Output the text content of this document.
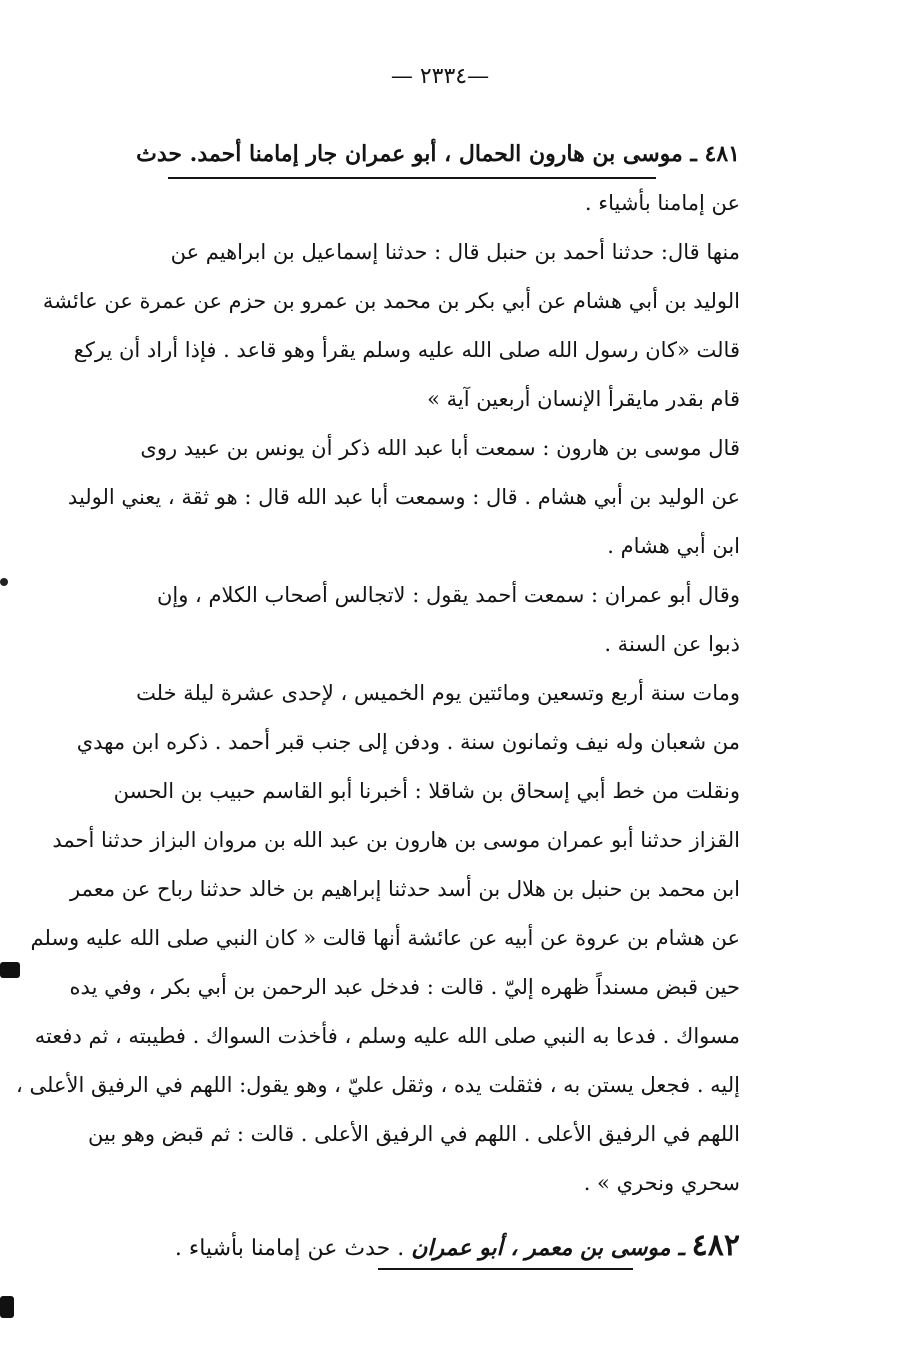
—٢٣٣٤ —
٤٨١ ـ موسى بن هارون الحمال ، أبو عمران جار إمامنا أحمد. حدث
عن إمامنا بأشياء .
منها قال: حدثنا أحمد بن حنبل قال : حدثنا إسماعيل بن ابراهيم عن
الوليد بن أبي هشام عن أبي بكر بن محمد بن عمرو بن حزم عن عمرة عن عائشة
قالت «كان رسول الله صلى الله عليه وسلم يقرأ وهو قاعد . فإذا أراد أن يركع
قام بقدر مايقرأ الإنسان أربعين آية »
قال موسى بن هارون : سمعت أبا عبد الله ذكر أن يونس بن عبيد روى
عن الوليد بن أبي هشام . قال : وسمعت أبا عبد الله قال : هو ثقة ، يعني الوليد
ابن أبي هشام .
وقال أبو عمران : سمعت أحمد يقول : لاتجالس أصحاب الكلام ، وإن
ذبوا عن السنة .
ومات سنة أربع وتسعين ومائتين يوم الخميس ، لإحدى عشرة ليلة خلت
من شعبان وله نيف وثمانون سنة . ودفن إلى جنب قبر أحمد . ذكره ابن مهدي
ونقلت من خط أبي إسحاق بن شاقلا : أخبرنا أبو القاسم حبيب بن الحسن
القزاز حدثنا أبو عمران موسى بن هارون بن عبد الله بن مروان البزاز حدثنا أحمد
ابن محمد بن حنبل بن هلال بن أسد حدثنا إبراهيم بن خالد حدثنا رباح عن معمر
عن هشام بن عروة عن أبيه عن عائشة أنها قالت « كان النبي صلى الله عليه وسلم
حين قبض مسنداً ظهره إليّ . قالت : فدخل عبد الرحمن بن أبي بكر ، وفي يده
مسواك . فدعا به النبي صلى الله عليه وسلم ، فأخذت السواك . فطيبته ، ثم دفعته
إليه . فجعل يستن به ، فثقلت يده ، وثقل عليّ ، وهو يقول: اللهم في الرفيق الأعلى ،
اللهم في الرفيق الأعلى . اللهم في الرفيق الأعلى . قالت : ثم قبض وهو بين
سحري ونحري » .
٤٨٢ ـ موسى بن معمر ، أبو عمران . حدث عن إمامنا بأشياء .
